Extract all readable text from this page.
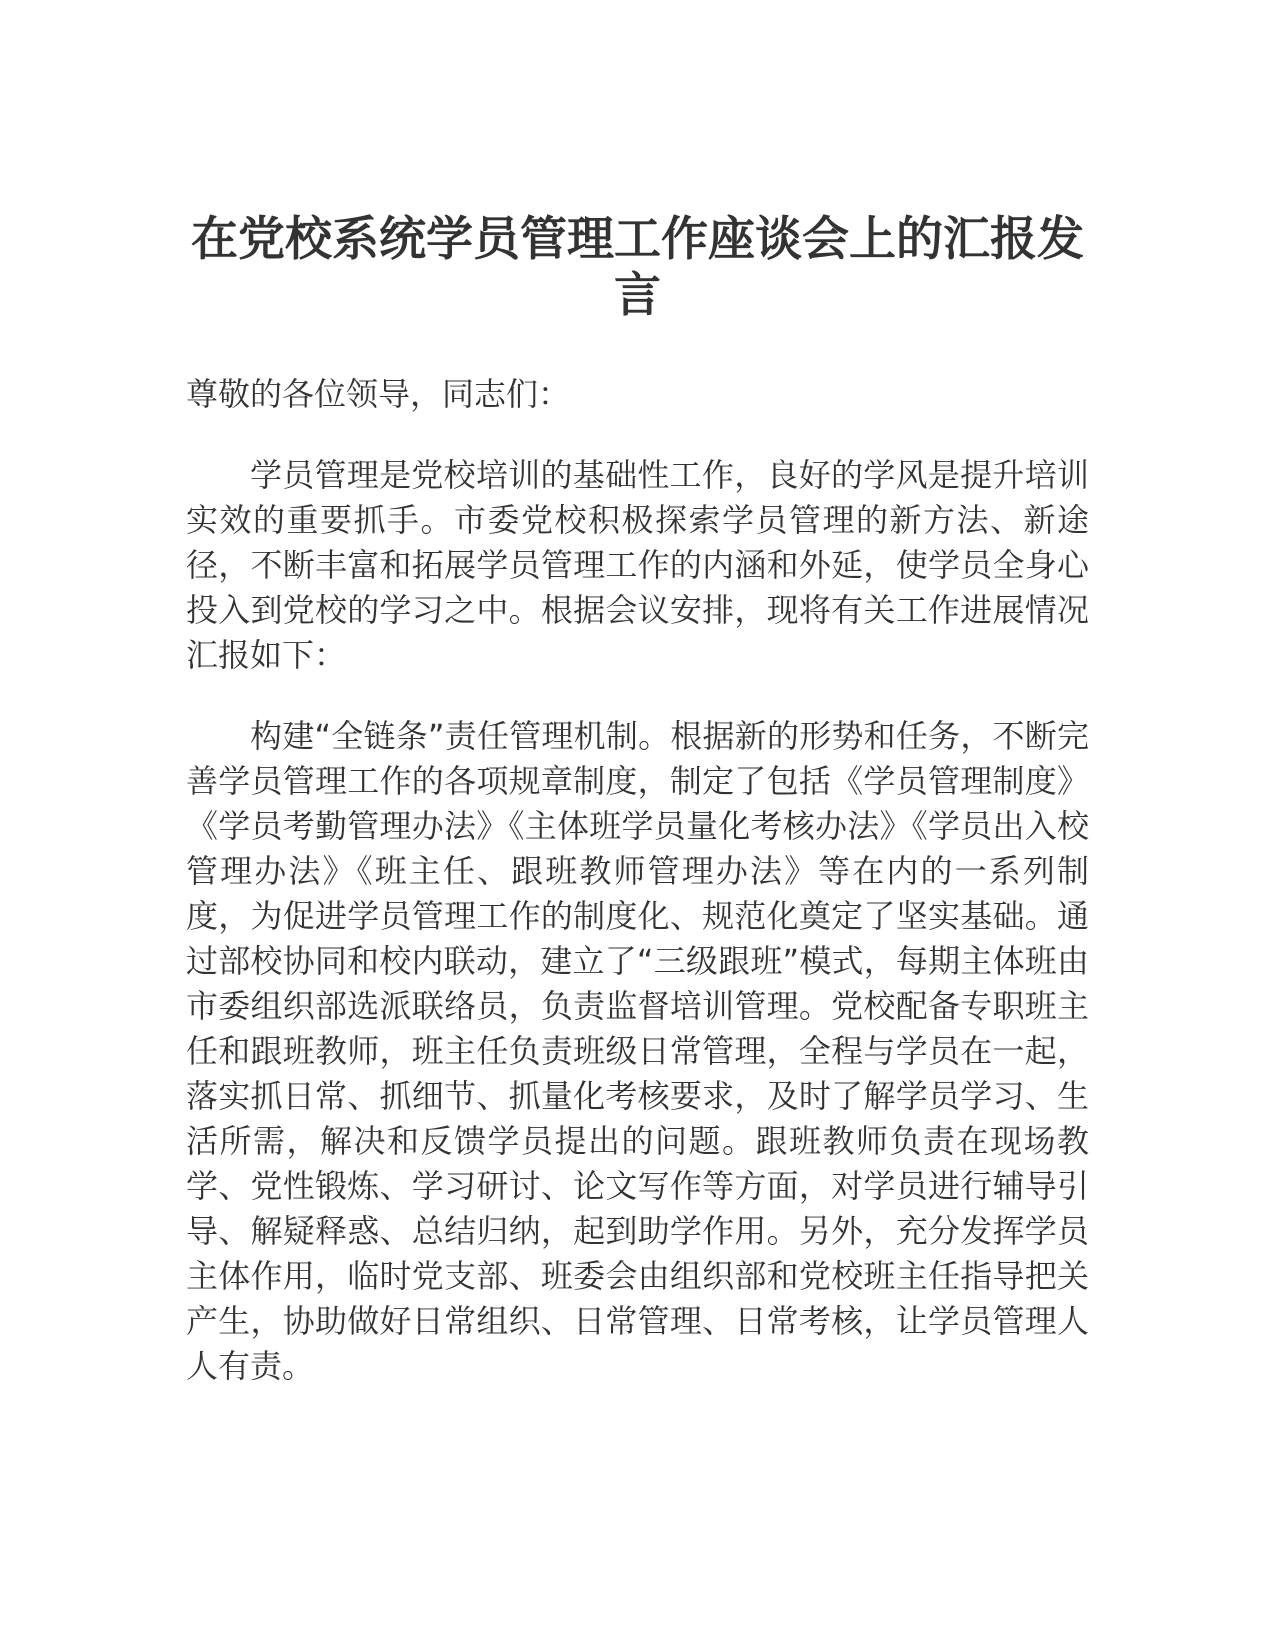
在党校系统学员管理工作座谈会上的汇报发言

尊敬的各位领导，同志们：

学员管理是党校培训的基础性工作，良好的学风是提升培训实效的重要抓手。市委党校积极探索学员管理的新方法、新途径，不断丰富和拓展学员管理工作的内涵和外延，使学员全身心投入到党校的学习之中。根据会议安排，现将有关工作进展情况汇报如下：

构建“全链条”责任管理机制。根据新的形势和任务，不断完善学员管理工作的各项规章制度，制定了包括《学员管理制度》《学员考勤管理办法》《主体班学员量化考核办法》《学员出入校管理办法》《班主任、跟班教师管理办法》等在内的一系列制度，为促进学员管理工作的制度化、规范化奠定了坚实基础。通过部校协同和校内联动，建立了“三级跟班”模式，每期主体班由市委组织部选派联络员，负责监督培训管理。党校配备专职班主任和跟班教师，班主任负责班级日常管理，全程与学员在一起，落实抓日常、抓细节、抓量化考核要求，及时了解学员学习、生活所需，解决和反馈学员提出的问题。跟班教师负责在现场教学、党性锻炼、学习研讨、论文写作等方面，对学员进行辅导引导、解疑释惑、总结归纳，起到助学作用。另外，充分发挥学员主体作用，临时党支部、班委会由组织部和党校班主任指导把关产生，协助做好日常组织、日常管理、日常考核，让学员管理人人有责。
